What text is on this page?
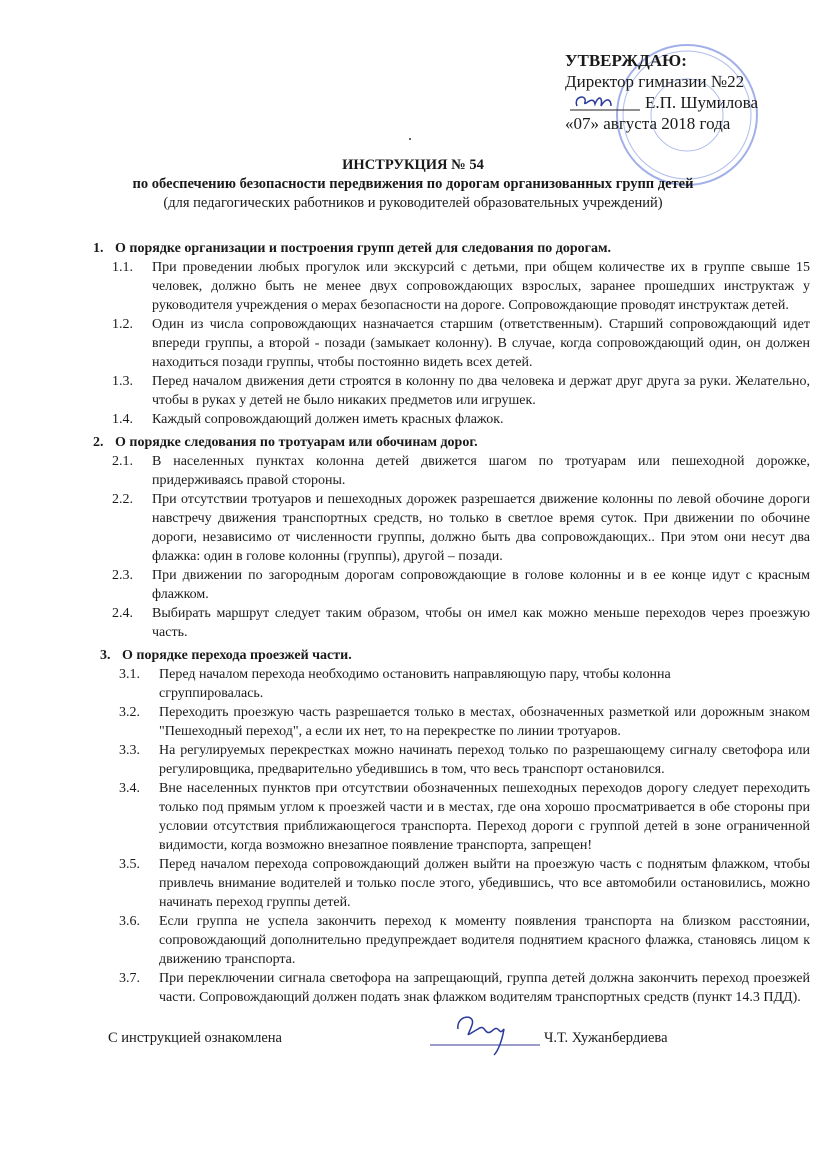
УТВЕРЖДАЮ:
Директор гимназии №22
Е.П. Шумилова
«07» августа 2018 года
ИНСТРУКЦИЯ № 54
по обеспечению безопасности передвижения по дорогам организованных групп детей
(для педагогических работников и руководителей образовательных учреждений)
1. О порядке организации и построения групп детей для следования по дорогам.
1.1.	При проведении любых прогулок или экскурсий с детьми, при общем количестве их в группе свыше 15 человек, должно быть не менее двух сопровождающих взрослых, заранее прошедших инструктаж у руководителя учреждения о мерах безопасности на дороге. Сопровождающие проводят инструктаж детей.
1.2.	Один из числа сопровождающих назначается старшим (ответственным). Старший сопровождающий идет впереди группы, а второй - позади (замыкает колонну). В случае, когда сопровождающий один, он должен находиться позади группы, чтобы постоянно видеть всех детей.
1.3.	Перед началом движения дети строятся в колонну по два человека и держат друг друга за руки. Желательно, чтобы в руках у детей не было никаких предметов или игрушек.
1.4.	Каждый сопровождающий должен иметь красных флажок.
2. О порядке следования по тротуарам или обочинам дорог.
2.1.	В населенных пунктах колонна детей движется шагом по тротуарам или пешеходной дорожке, придерживаясь правой стороны.
2.2.	При отсутствии тротуаров и пешеходных дорожек разрешается движение колонны по левой обочине дороги навстречу движения транспортных средств, но только в светлое время суток. При движении по обочине дороги, независимо от численности группы, должно быть два сопровождающих.. При этом они несут два флажка: один в голове колонны (группы), другой – позади.
2.3.	При движении по загородным дорогам сопровождающие в голове колонны и в ее конце идут с красным флажком.
2.4.	Выбирать маршрут следует таким образом, чтобы он имел как можно меньше переходов через проезжую часть.
3. О порядке перехода проезжей части.
3.1.	Перед началом перехода необходимо остановить направляющую пару, чтобы колонна сгруппировалась.
3.2.	Переходить проезжую часть разрешается только в местах, обозначенных разметкой или дорожным знаком "Пешеходный переход", а если их нет, то на перекрестке по линии тротуаров.
3.3.	На регулируемых перекрестках можно начинать переход только по разрешающему сигналу светофора или регулировщика, предварительно убедившись в том, что весь транспорт остановился.
3.4.	Вне населенных пунктов при отсутствии обозначенных пешеходных переходов дорогу следует переходить только под прямым углом к проезжей части и в местах, где она хорошо просматривается в обе стороны при условии отсутствия приближающегося транспорта. Переход дороги с группой детей в зоне ограниченной видимости, когда возможно внезапное появление транспорта, запрещен!
3.5.	Перед началом перехода сопровождающий должен выйти на проезжую часть с поднятым флажком, чтобы привлечь внимание водителей и только после этого, убедившись, что все автомобили остановились, можно начинать переход группы детей.
3.6.	Если группа не успела закончить переход к моменту появления транспорта на близком расстоянии, сопровождающий дополнительно предупреждает водителя поднятием красного флажка, становясь лицом к движению транспорта.
3.7.	При переключении сигнала светофора на запрещающий, группа детей должна закончить переход проезжей части. Сопровождающий должен подать знак флажком водителям транспортных средств (пункт 14.3 ПДД).
С инструкцией ознакомлена	Ч.Т. Хужанбердиева
